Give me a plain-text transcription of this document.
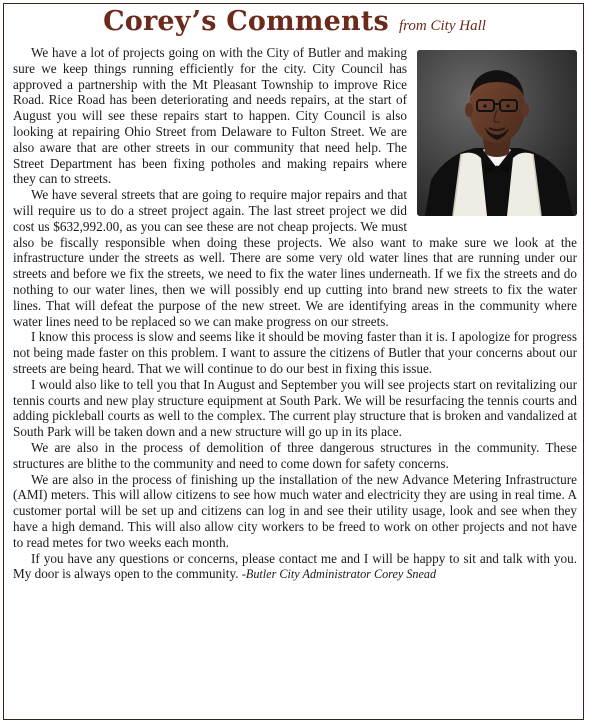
Corey’s Comments from City Hall

We have a lot of projects going on with the City of Butler and making sure we keep things running efficiently for the city. City Council has approved a partnership with the Mt Pleasant Township to improve Rice Road. Rice Road has been deteriorating and needs repairs, at the start of August you will see these repairs start to happen. City Council is also looking at repairing Ohio Street from Delaware to Fulton Street. We are also aware that are other streets in our community that need help. The Street Department has been fixing potholes and making repairs where they can to streets.

We have several streets that are going to require major repairs and that will require us to do a street project again. The last street project we did cost us $632,992.00, as you can see these are not cheap projects. We must also be fiscally responsible when doing these projects. We also want to make sure we look at the infrastructure under the streets as well. There are some very old water lines that are running under our streets and before we fix the streets, we need to fix the water lines underneath. If we fix the streets and do nothing to our water lines, then we will possibly end up cutting into brand new streets to fix the water lines. That will defeat the purpose of the new street. We are identifying areas in the community where water lines need to be replaced so we can make progress on our streets.

I know this process is slow and seems like it should be moving faster than it is. I apologize for progress not being made faster on this problem. I want to assure the citizens of Butler that your concerns about our streets are being heard. That we will continue to do our best in fixing this issue.

I would also like to tell you that In August and September you will see projects start on revitalizing our tennis courts and new play structure equipment at South Park. We will be resurfacing the tennis courts and adding pickleball courts as well to the complex. The current play structure that is broken and vandalized at South Park will be taken down and a new structure will go up in its place.

We are also in the process of demolition of three dangerous structures in the community. These structures are blithe to the community and need to come down for safety concerns.

We are also in the process of finishing up the installation of the new Advance Metering Infrastructure (AMI) meters. This will allow citizens to see how much water and electricity they are using in real time. A customer portal will be set up and citizens can log in and see their utility usage, look and see when they have a high demand. This will also allow city workers to be freed to work on other projects and not have to read metes for two weeks each month.

If you have any questions or concerns, please contact me and I will be happy to sit and talk with you. My door is always open to the community. -Butler City Administrator Corey Snead
